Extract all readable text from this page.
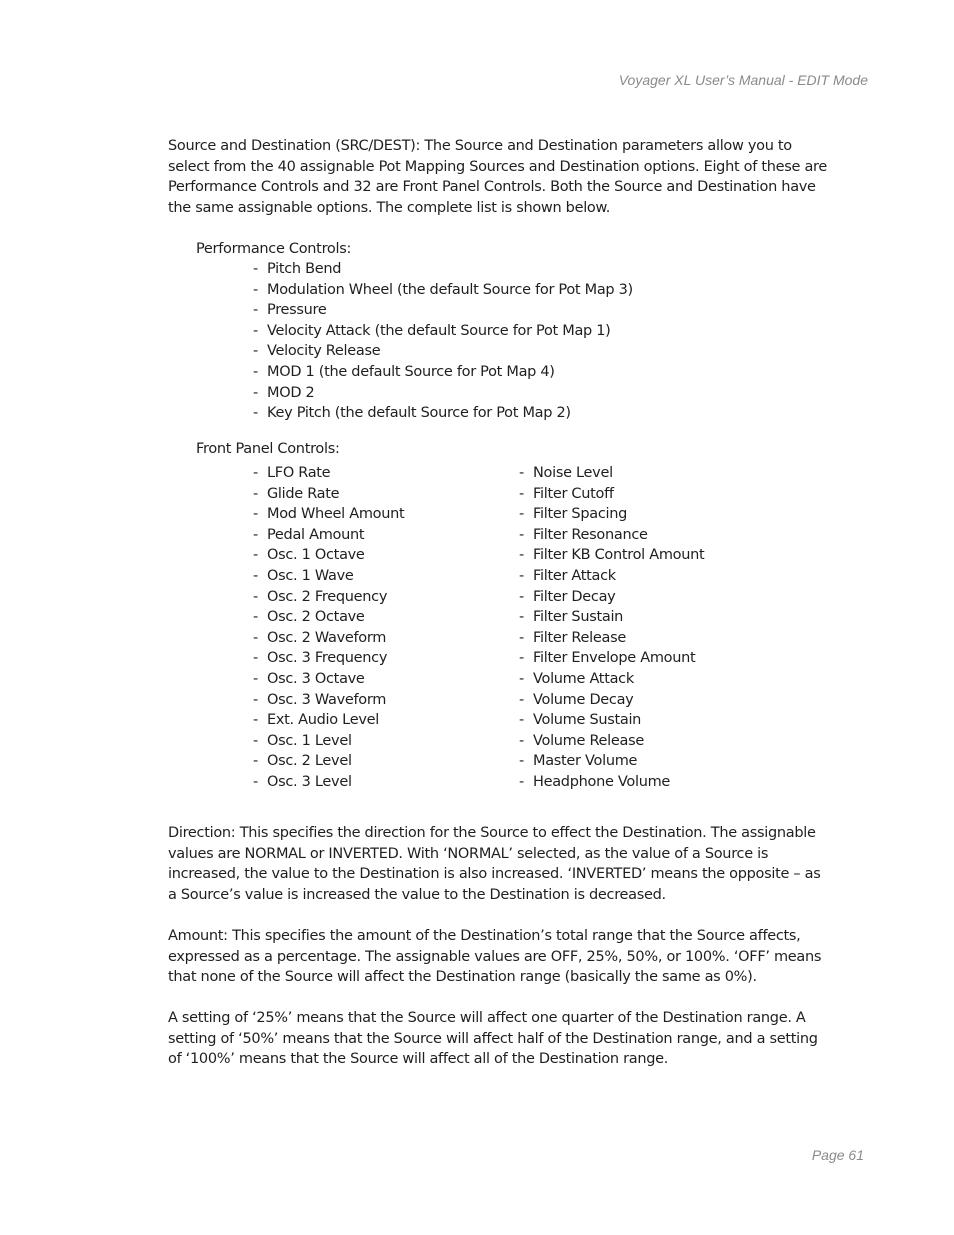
Voyager XL User’s Manual - EDIT Mode

Source and Destination (SRC/DEST): The Source and Destination parameters allow you to select from the 40 assignable Pot Mapping Sources and Destination options. Eight of these are Performance Controls and 32 are Front Panel Controls. Both the Source and Destination have the same assignable options. The complete list is shown below.

Performance Controls:

- Pitch Bend
- Modulation Wheel (the default Source for Pot Map 3)
- Pressure
- Velocity Attack (the default Source for Pot Map 1)
- Velocity Release
- MOD 1 (the default Source for Pot Map 4)
- MOD 2
- Key Pitch (the default Source for Pot Map 2)

Front Panel Controls:

- LFO Rate
- Glide Rate
- Mod Wheel Amount
- Pedal Amount
- Osc. 1 Octave
- Osc. 1 Wave
- Osc. 2 Frequency
- Osc. 2 Octave
- Osc. 2 Waveform
- Osc. 3 Frequency
- Osc. 3 Octave
- Osc. 3 Waveform
- Ext. Audio Level
- Osc. 1 Level
- Osc. 2 Level
- Osc. 3 Level
- Noise Level
- Filter Cutoff
- Filter Spacing
- Filter Resonance
- Filter KB Control Amount
- Filter Attack
- Filter Decay
- Filter Sustain
- Filter Release
- Filter Envelope Amount
- Volume Attack
- Volume Decay
- Volume Sustain
- Volume Release
- Master Volume
- Headphone Volume

Direction: This specifies the direction for the Source to effect the Destination. The assignable values are NORMAL or INVERTED. With ‘NORMAL’ selected, as the value of a Source is increased, the value to the Destination is also increased. ‘INVERTED’ means the opposite – as a Source’s value is increased the value to the Destination is decreased.

Amount: This specifies the amount of the Destination’s total range that the Source affects, expressed as a percentage. The assignable values are OFF, 25%, 50%, or 100%. ‘OFF’ means that none of the Source will affect the Destination range (basically the same as 0%).

A setting of ‘25%’ means that the Source will affect one quarter of the Destination range. A setting of ‘50%’ means that the Source will affect half of the Destination range, and a setting of ‘100%’ means that the Source will affect all of the Destination range.

Page 61
